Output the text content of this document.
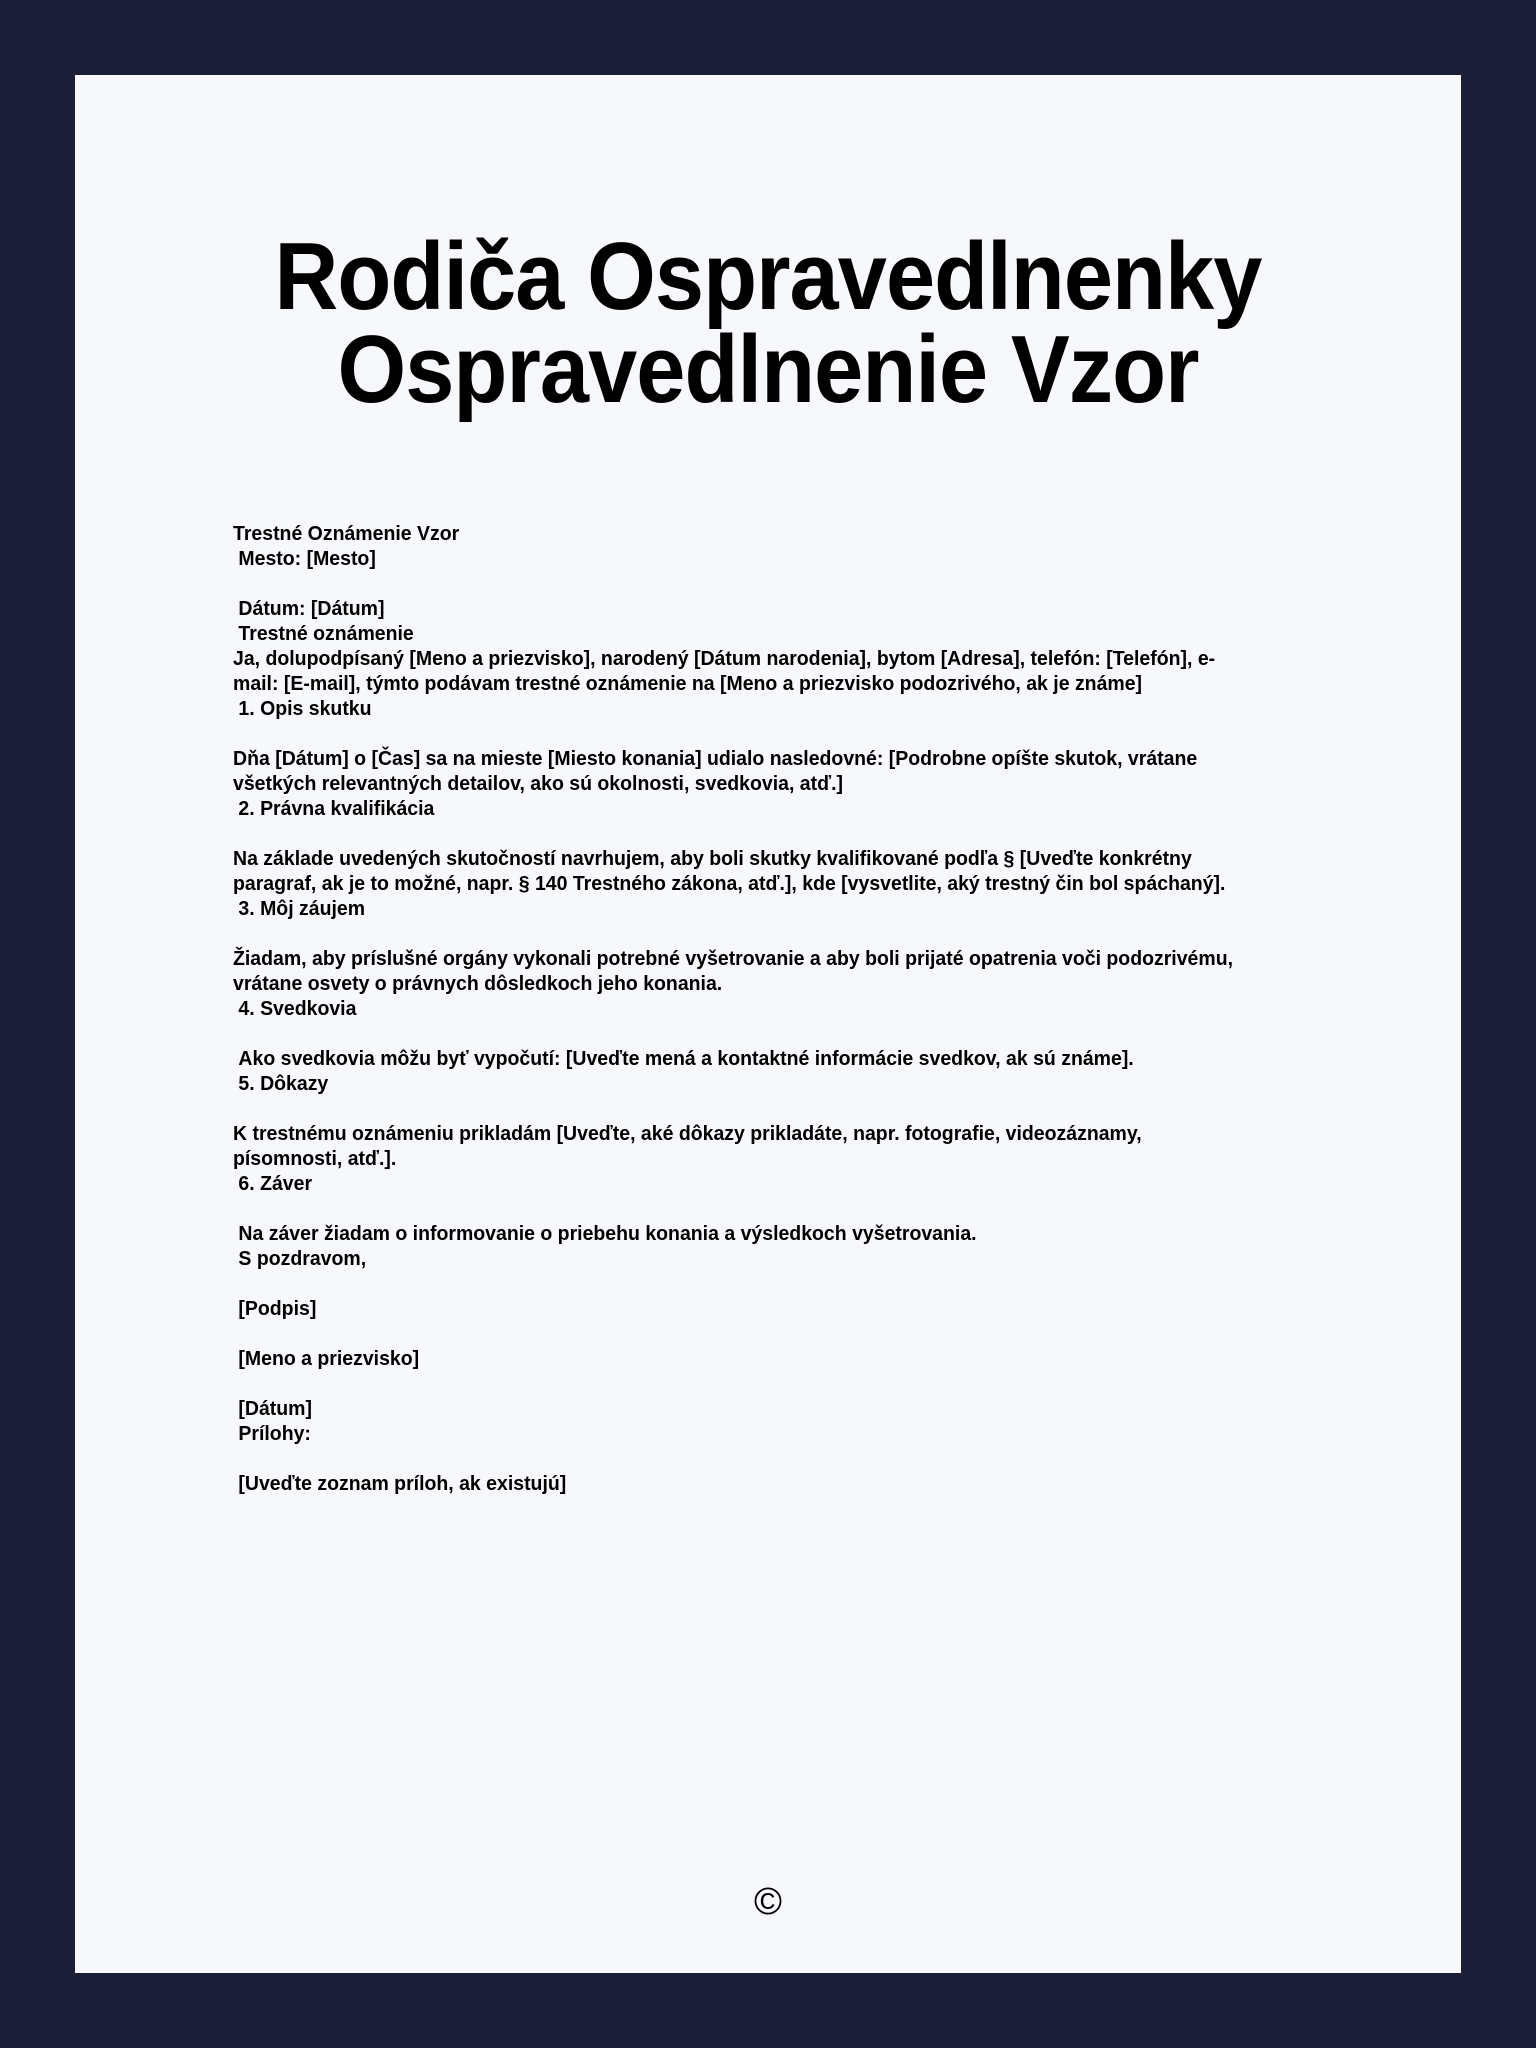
Rodiča Ospravedlnenky Ospravedlnenie Vzor

Trestné Oznámenie Vzor

Mesto: [Mesto]

Dátum: [Dátum]

Trestné oznámenie

Ja, dolupodpísaný [Meno a priezvisko], narodený [Dátum narodenia], bytom [Adresa], telefón: [Telefón], e-mail: [E-mail], týmto podávam trestné oznámenie na [Meno a priezvisko podozrivého, ak je známe]

1. Opis skutku

Dňa [Dátum] o [Čas] sa na mieste [Miesto konania] udialo nasledovné: [Podrobne opíšte skutok, vrátane všetkých relevantných detailov, ako sú okolnosti, svedkovia, atď.]

2. Právna kvalifikácia

Na základe uvedených skutočností navrhujem, aby boli skutky kvalifikované podľa § [Uveďte konkrétny paragraf, ak je to možné, napr. § 140 Trestného zákona, atď.], kde [vysvetlite, aký trestný čin bol spáchaný].

3. Môj záujem

Žiadam, aby príslušné orgány vykonali potrebné vyšetrovanie a aby boli prijaté opatrenia voči podozrivému, vrátane osvety o právnych dôsledkoch jeho konania.

4. Svedkovia

Ako svedkovia môžu byť vypočutí: [Uveďte mená a kontaktné informácie svedkov, ak sú známe].

5. Dôkazy

K trestnému oznámeniu prikladám [Uveďte, aké dôkazy prikladáte, napr. fotografie, videozáznamy, písomnosti, atď.].

6. Záver

Na záver žiadam o informovanie o priebehu konania a výsledkoch vyšetrovania.

S pozdravom,

[Podpis]

[Meno a priezvisko]

[Dátum]

Prílohy:

[Uveďte zoznam príloh, ak existujú]

©
